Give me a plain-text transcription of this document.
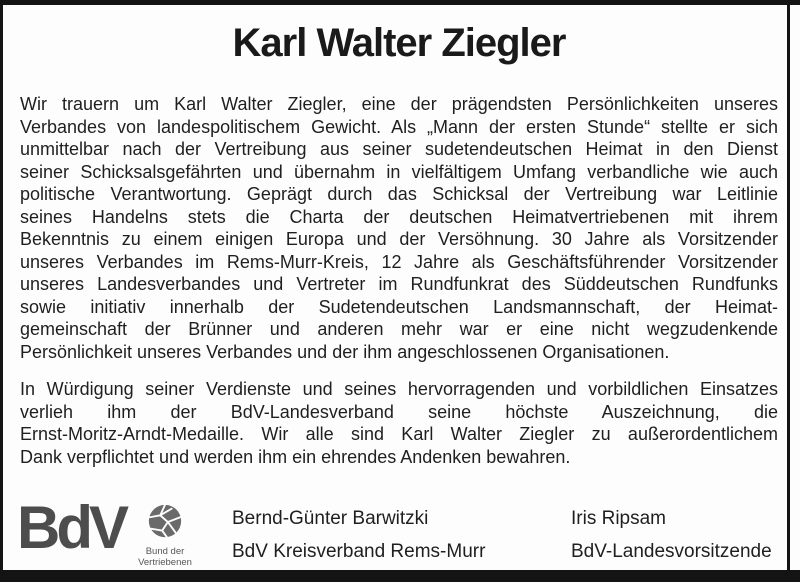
Karl Walter Ziegler
Wir trauern um Karl Walter Ziegler, eine der prägendsten Persönlichkeiten unseres
Verbandes von landespolitischem Gewicht. Als „Mann der ersten Stunde“ stellte er sich
unmittelbar nach der Vertreibung aus seiner sudetendeutschen Heimat in den Dienst
seiner Schicksalsgefährten und übernahm in vielfältigem Umfang verbandliche wie auch
politische Verantwortung. Geprägt durch das Schicksal der Vertreibung war Leitlinie
seines Handelns stets die Charta der deutschen Heimatvertriebenen mit ihrem
Bekenntnis zu einem einigen Europa und der Versöhnung. 30 Jahre als Vorsitzender
unseres Verbandes im Rems-Murr-Kreis, 12 Jahre als Geschäftsführender Vorsitzender
unseres Landesverbandes und Vertreter im Rundfunkrat des Süddeutschen Rundfunks
sowie initiativ innerhalb der Sudetendeutschen Landsmannschaft, der Heimat-
gemeinschaft der Brünner und anderen mehr war er eine nicht wegzudenkende
Persönlichkeit unseres Verbandes und der ihm angeschlossenen Organisationen.
In Würdigung seiner Verdienste und seines hervorragenden und vorbildlichen Einsatzes
verlieh ihm der BdV-Landesverband seine höchste Auszeichnung, die
Ernst-Moritz-Arndt-Medaille. Wir alle sind Karl Walter Ziegler zu außerordentlichem
Dank verpflichtet und werden ihm ein ehrendes Andenken bewahren.
BdV Bund der
Vertriebenen
Bernd-Günter Barwitzki
BdV Kreisverband Rems-Murr
Iris Ripsam
BdV-Landesvorsitzende
